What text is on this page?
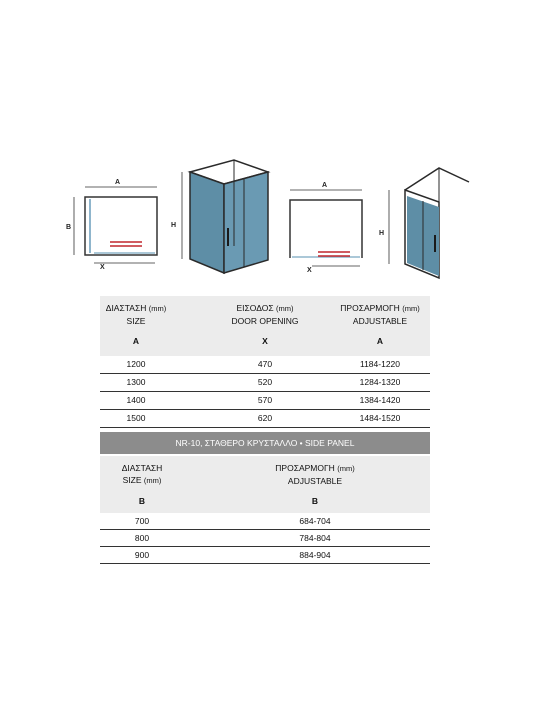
A
B
X
H
A
X
H
ΔΙΑΣΤΑΣΗ (mm)
SIZE
ΕΙΣΟΔΟΣ (mm)
DOOR OPENING
ΠΡΟΣΑΡΜΟΓΗ (mm)
ADJUSTABLE
A	X	A
1200	470	1184-1220
1300	520	1284-1320
1400	570	1384-1420
1500	620	1484-1520
NR-10, ΣΤΑΘΕΡΟ ΚΡΥΣΤΑΛΛΟ • SIDE PANEL
ΔΙΑΣΤΑΣΗ
SIZE (mm)
ΠΡΟΣΑΡΜΟΓΗ (mm)
ADJUSTABLE
B	B
700	684-704
800	784-804
900	884-904
